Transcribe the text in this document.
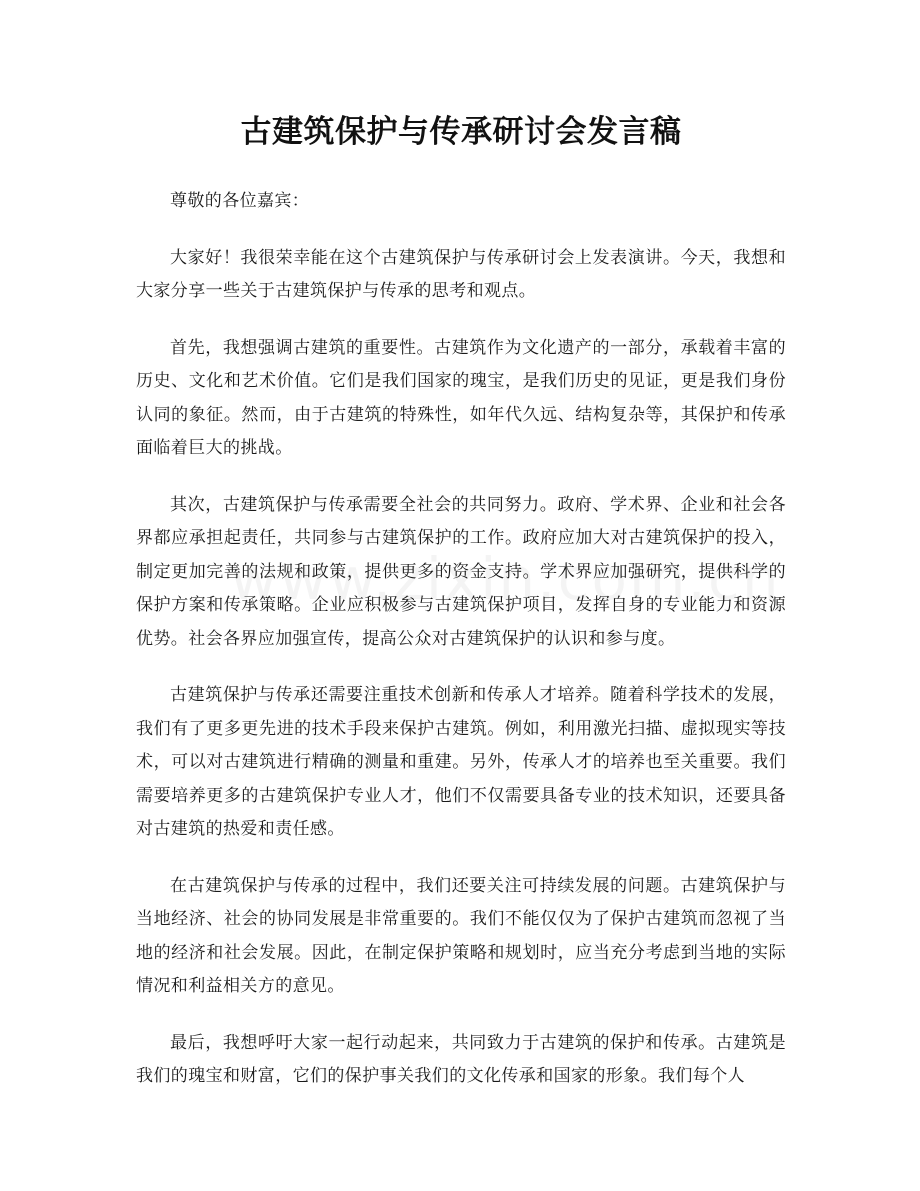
古建筑保护与传承研讨会发言稿

尊敬的各位嘉宾：

大家好！我很荣幸能在这个古建筑保护与传承研讨会上发表演讲。今天，我想和大家分享一些关于古建筑保护与传承的思考和观点。

首先，我想强调古建筑的重要性。古建筑作为文化遗产的一部分，承载着丰富的历史、文化和艺术价值。它们是我们国家的瑰宝，是我们历史的见证，更是我们身份认同的象征。然而，由于古建筑的特殊性，如年代久远、结构复杂等，其保护和传承面临着巨大的挑战。

其次，古建筑保护与传承需要全社会的共同努力。政府、学术界、企业和社会各界都应承担起责任，共同参与古建筑保护的工作。政府应加大对古建筑保护的投入，制定更加完善的法规和政策，提供更多的资金支持。学术界应加强研究，提供科学的保护方案和传承策略。企业应积极参与古建筑保护项目，发挥自身的专业能力和资源优势。社会各界应加强宣传，提高公众对古建筑保护的认识和参与度。

古建筑保护与传承还需要注重技术创新和传承人才培养。随着科学技术的发展，我们有了更多更先进的技术手段来保护古建筑。例如，利用激光扫描、虚拟现实等技术，可以对古建筑进行精确的测量和重建。另外，传承人才的培养也至关重要。我们需要培养更多的古建筑保护专业人才，他们不仅需要具备专业的技术知识，还要具备对古建筑的热爱和责任感。

在古建筑保护与传承的过程中，我们还要关注可持续发展的问题。古建筑保护与当地经济、社会的协同发展是非常重要的。我们不能仅仅为了保护古建筑而忽视了当地的经济和社会发展。因此，在制定保护策略和规划时，应当充分考虑到当地的实际情况和利益相关方的意见。

最后，我想呼吁大家一起行动起来，共同致力于古建筑的保护和传承。古建筑是我们的瑰宝和财富，它们的保护事关我们的文化传承和国家的形象。我们每个人
